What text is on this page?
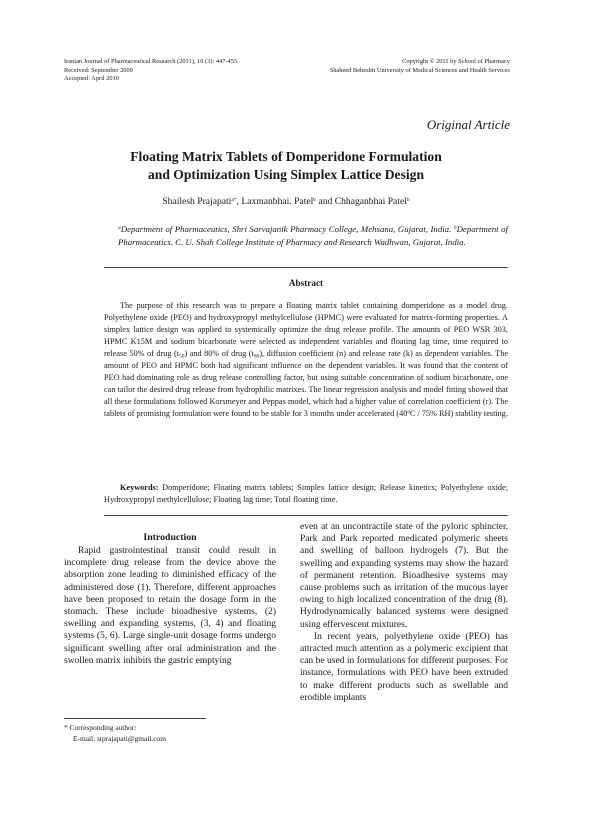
Iranian Journal of Pharmaceutical Research (2011), 10 (3): 447-455
Received: September 2009
Accepted: April 2010
Copyright © 2011 by School of Pharmacy
Shaheed Beheshti University of Medical Sciences and Health Services
Original Article
Floating Matrix Tablets of Domperidone Formulation
and Optimization Using Simplex Lattice Design
Shailesh Prajapati$^{a*}$, Laxmanbhai. Patel$^b$ and Chhaganbhai Patel$^b$
$^a$Department of Pharmaceutics, Shri Sarvajanik Pharmacy College, Mehsana, Gujarat, India. $^b$Department of Pharmaceutics, C. U. Shah College Institute of Pharmacy and Research Wadhwan, Gujarat, India.
Abstract
The purpose of this research was to prepare a floating matrix tablet containing domperidone as a model drug. Polyethylene oxide (PEO) and hydroxypropyl methylcellulose (HPMC) were evaluated for matrix-forming properties. A simplex lattice design was applied to systemically optimize the drug release profile. The amounts of PEO WSR 303, HPMC K15M and sodium bicarbonate were selected as independent variables and floating lag time, time required to release 50% of drug $(t_{50})$ and 80% of drug $(t_{80})$, diffusion coefficient (n) and release rate (k) as dependent variables. The amount of PEO and HPMC both had significant influence on the dependent variables. It was found that the content of PEO had dominating role as drug release controlling factor, but using suitable concentration of sodium bicarbonate, one can tailor the desired drug release from hydrophilic matrixes. The linear regression analysis and model fitting showed that all these formulations followed Korsmeyer and Peppas model, which had a higher value of correlation coefficient (r). The tablets of promising formulation were found to be stable for 3 months under accelerated (40ºC / 75% RH) stability testing.
Keywords: Domperidone; Floating matrix tablets; Simplex lattice design; Release kinetics; Polyethylene oxide; Hydroxypropyl methylcellulose; Floating lag time; Total floating time.
Introduction

Rapid gastrointestinal transit could result in incomplete drug release from the device above the absorption zone leading to diminished efficacy of the administered dose (1). Therefore, different approaches have been proposed to retain the dosage form in the stomach. These include bioadhesive systems, (2) swelling and expanding systems, (3, 4) and floating systems (5, 6). Large single-unit dosage forms undergo significant swelling after oral administration and the swollen matrix inhibits the gastric emptying

even at an uncontractile state of the pyloric sphincter. Park and Park reported medicated polymeric sheets and swelling of balloon hydrogels (7). But the swelling and expanding systems may show the hazard of permanent retention. Bioadhesive systems may cause problems such as irritation of the mucous layer owing to high localized concentration of the drug (8). Hydrodynamically balanced systems were designed using effervescent mixtures.

In recent years, polyethylene oxide (PEO) has attracted much attention as a polymeric excipient that can be used in formulations for different purposes. For instance, formulations with PEO have been extruded to make different products such as swellable and erodible implants

* Corresponding author:
E-mail: stprajapati@gmail.com
